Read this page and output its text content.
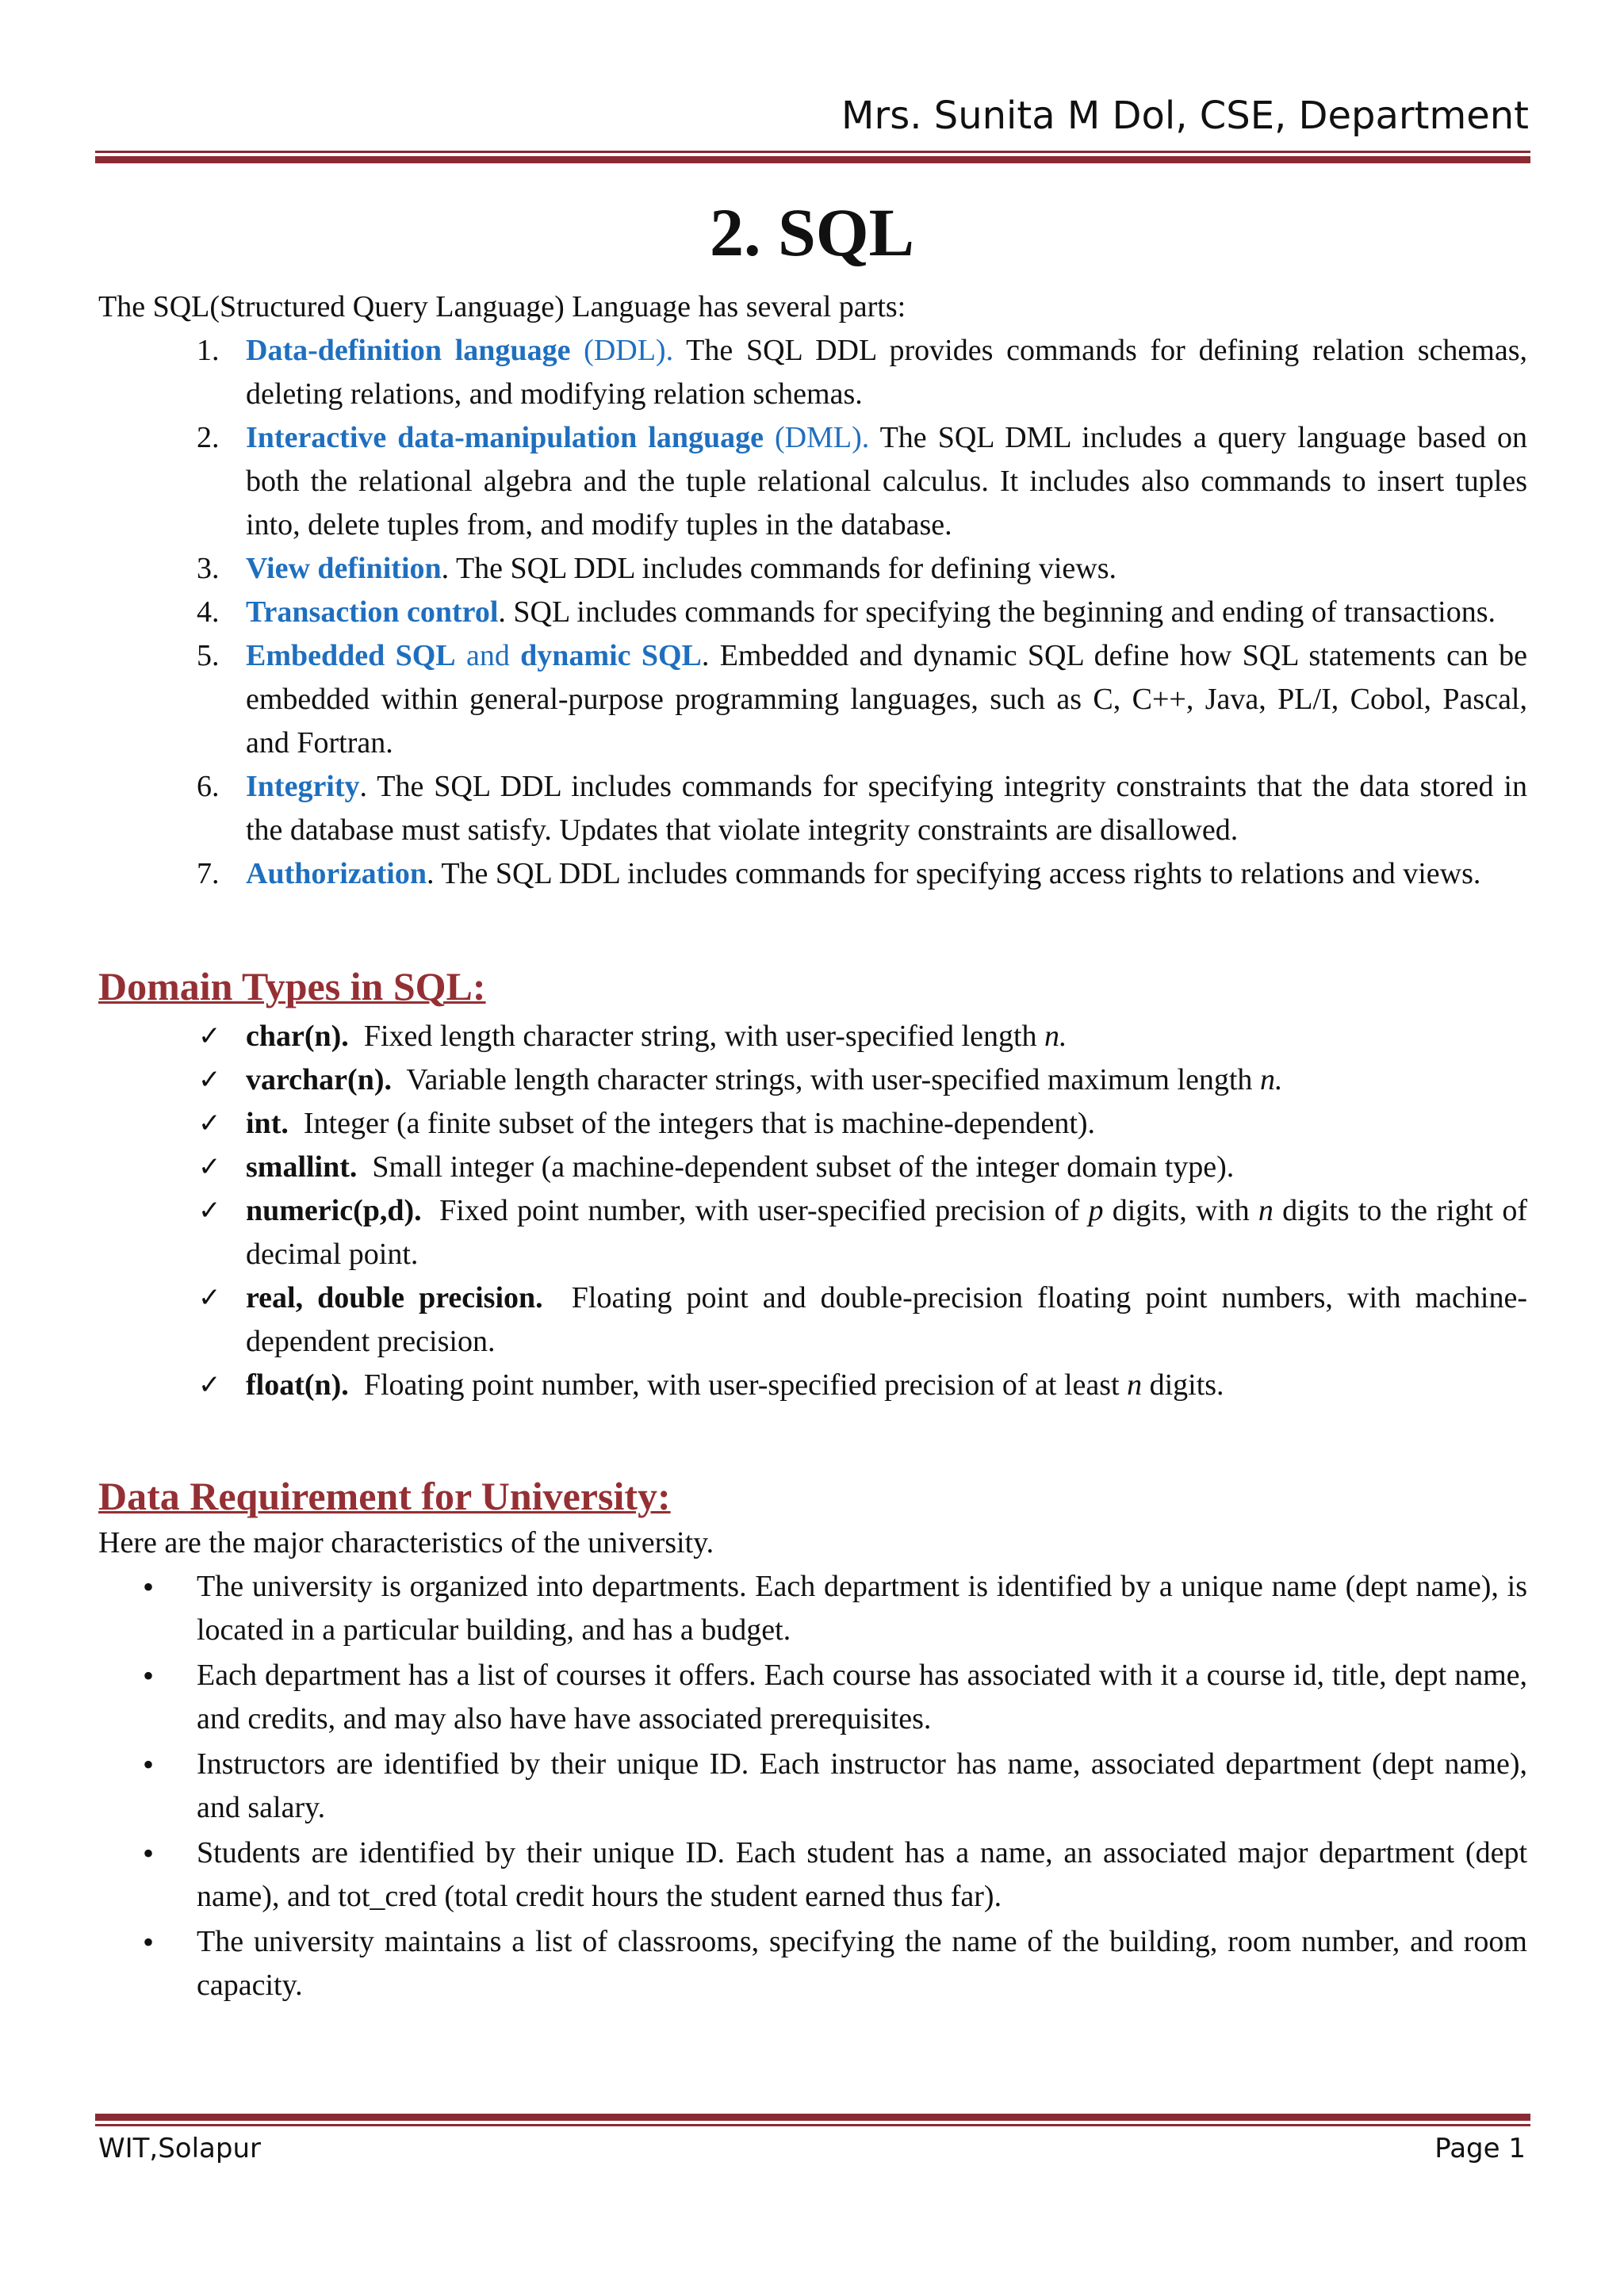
Mrs. Sunita M Dol, CSE, Department
2. SQL

The SQL(Structured Query Language) Language has several parts:

1. Data-definition language (DDL). The SQL DDL provides commands for defining relation schemas, deleting relations, and modifying relation schemas.
2. Interactive data-manipulation language (DML). The SQL DML includes a query language based on both the relational algebra and the tuple relational calculus. It includes also commands to insert tuples into, delete tuples from, and modify tuples in the database.
3. View definition. The SQL DDL includes commands for defining views.
4. Transaction control. SQL includes commands for specifying the beginning and ending of transactions.
5. Embedded SQL and dynamic SQL. Embedded and dynamic SQL define how SQL statements can be embedded within general-purpose programming languages, such as C, C++, Java, PL/I, Cobol, Pascal, and Fortran.
6. Integrity. The SQL DDL includes commands for specifying integrity constraints that the data stored in the database must satisfy. Updates that violate integrity constraints are disallowed.
7. Authorization. The SQL DDL includes commands for specifying access rights to relations and views.
Domain Types in SQL:
✓ char(n).  Fixed length character string, with user-specified length n.
✓ varchar(n).  Variable length character strings, with user-specified maximum length n.
✓ int.  Integer (a finite subset of the integers that is machine-dependent).
✓ smallint.  Small integer (a machine-dependent subset of the integer domain type).
✓ numeric(p,d).  Fixed point number, with user-specified precision of p digits, with n digits to the right of decimal point.
✓ real, double precision.  Floating point and double-precision floating point numbers, with machine-dependent precision.
✓ float(n).  Floating point number, with user-specified precision of at least n digits.
Data Requirement for University:

Here are the major characteristics of the university.

• The university is organized into departments. Each department is identified by a unique name (dept name), is located in a particular building, and has a budget.
• Each department has a list of courses it offers. Each course has associated with it a course id, title, dept name, and credits, and may also have have associated prerequisites.
• Instructors are identified by their unique ID. Each instructor has name, associated department (dept name), and salary.
• Students are identified by their unique ID. Each student has a name, an associated major department (dept name), and tot_cred (total credit hours the student earned thus far).
• The university maintains a list of classrooms, specifying the name of the building, room number, and room capacity.
WIT,Solapur	Page 1
